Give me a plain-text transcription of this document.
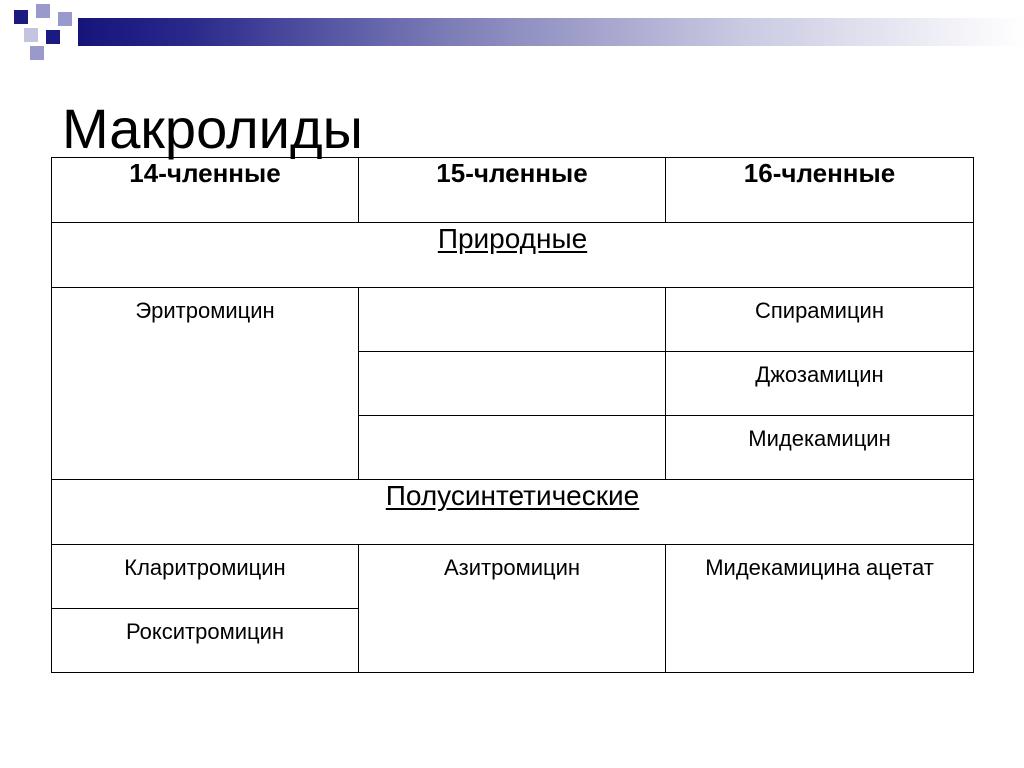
Макролиды
14-членные	15-членные	16-членные
Природные		

Эритромицин		Спирамицин

		Джозамицин

		Мидекамицин

Полусинтетические		

Кларитромицин	Азитромицин	Мидекамицина ацетат

Рокситромицин		
